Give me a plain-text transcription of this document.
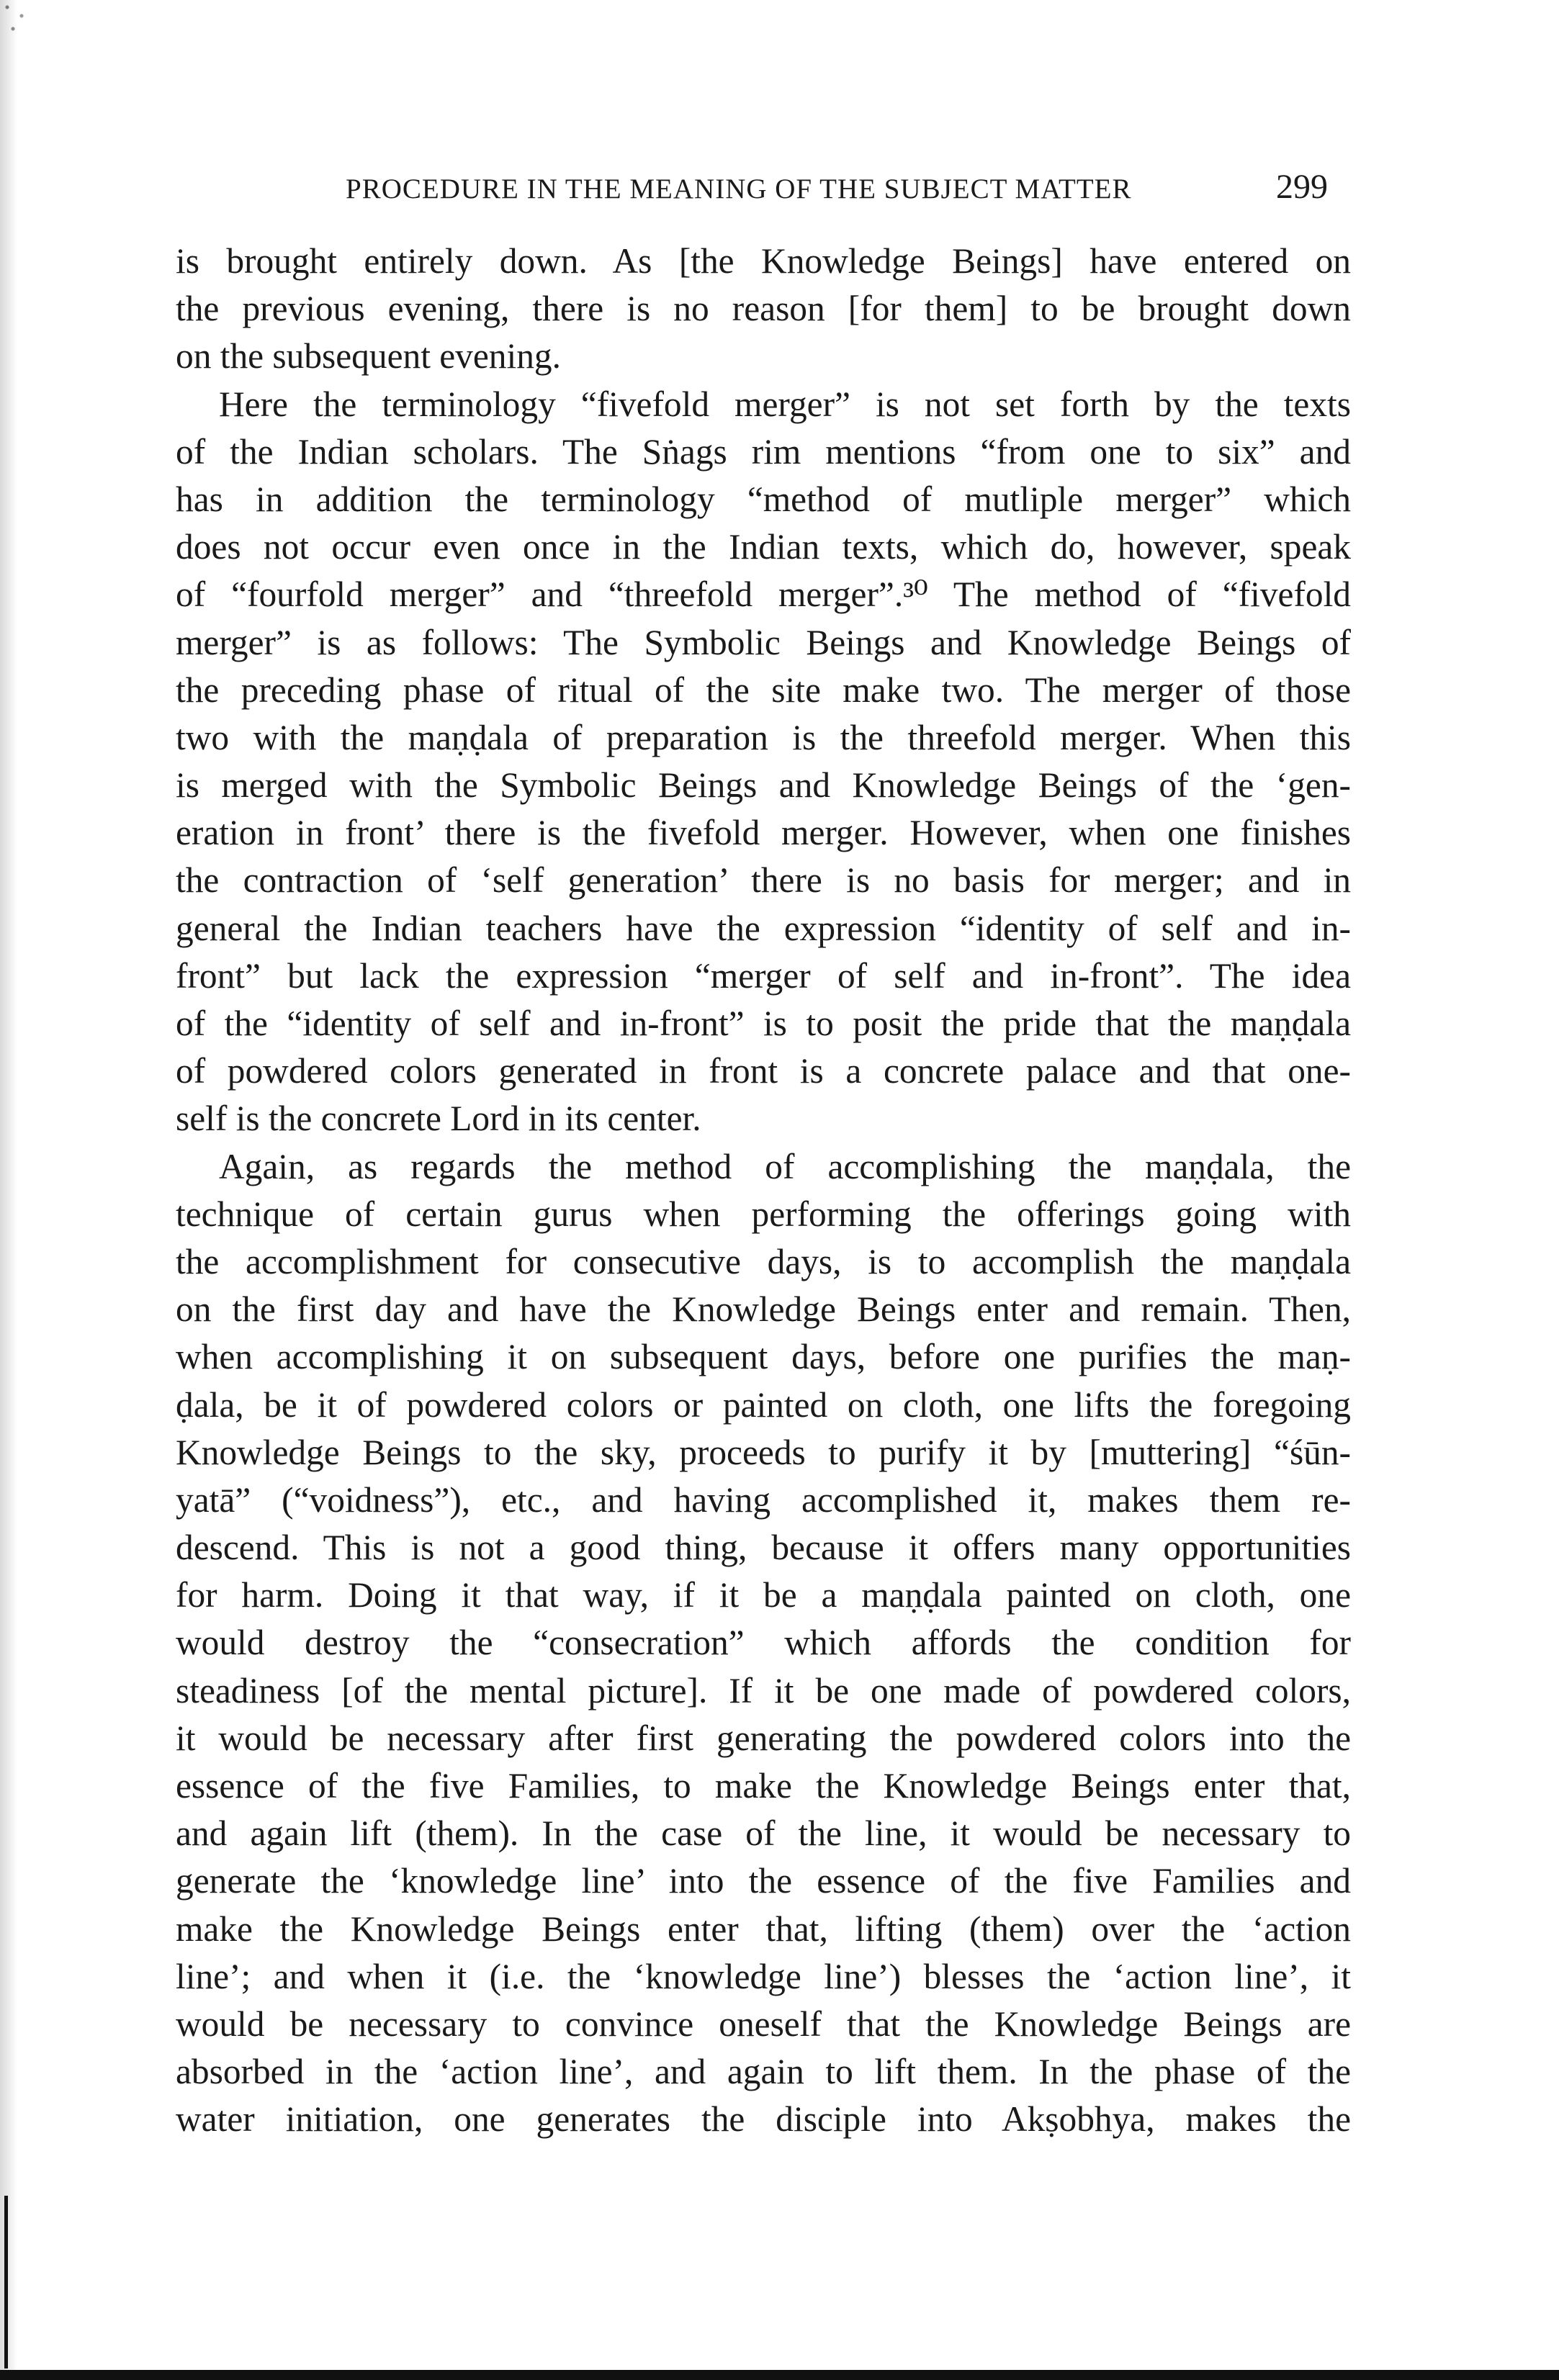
PROCEDURE IN THE MEANING OF THE SUBJECT MATTER	299
is brought entirely down. As [the Knowledge Beings] have entered on
the previous evening, there is no reason [for them] to be brought down
on the subsequent evening.
Here the terminology “fivefold merger” is not set forth by the texts
of the Indian scholars. The Sṅags rim mentions “from one to six” and
has in addition the terminology “method of mutliple merger” which
does not occur even once in the Indian texts, which do, however, speak
of “fourfold merger” and “threefold merger”.³⁰ The method of “fivefold
merger” is as follows: The Symbolic Beings and Knowledge Beings of
the preceding phase of ritual of the site make two. The merger of those
two with the maṇḍala of preparation is the threefold merger. When this
is merged with the Symbolic Beings and Knowledge Beings of the ‘gen-
eration in front’ there is the fivefold merger. However, when one finishes
the contraction of ‘self generation’ there is no basis for merger; and in
general the Indian teachers have the expression “identity of self and in-
front” but lack the expression “merger of self and in-front”. The idea
of the “identity of self and in-front” is to posit the pride that the maṇḍala
of powdered colors generated in front is a concrete palace and that one-
self is the concrete Lord in its center.
Again, as regards the method of accomplishing the maṇḍala, the
technique of certain gurus when performing the offerings going with
the accomplishment for consecutive days, is to accomplish the maṇḍala
on the first day and have the Knowledge Beings enter and remain. Then,
when accomplishing it on subsequent days, before one purifies the maṇ-
ḍala, be it of powdered colors or painted on cloth, one lifts the foregoing
Knowledge Beings to the sky, proceeds to purify it by [muttering] “śūn-
yatā” (“voidness”), etc., and having accomplished it, makes them re-
descend. This is not a good thing, because it offers many opportunities
for harm. Doing it that way, if it be a maṇḍala painted on cloth, one
would destroy the “consecration” which affords the condition for
steadiness [of the mental picture]. If it be one made of powdered colors,
it would be necessary after first generating the powdered colors into the
essence of the five Families, to make the Knowledge Beings enter that,
and again lift (them). In the case of the line, it would be necessary to
generate the ‘knowledge line’ into the essence of the five Families and
make the Knowledge Beings enter that, lifting (them) over the ‘action
line’; and when it (i.e. the ‘knowledge line’) blesses the ‘action line’, it
would be necessary to convince oneself that the Knowledge Beings are
absorbed in the ‘action line’, and again to lift them. In the phase of the
water initiation, one generates the disciple into Akṣobhya, makes the
